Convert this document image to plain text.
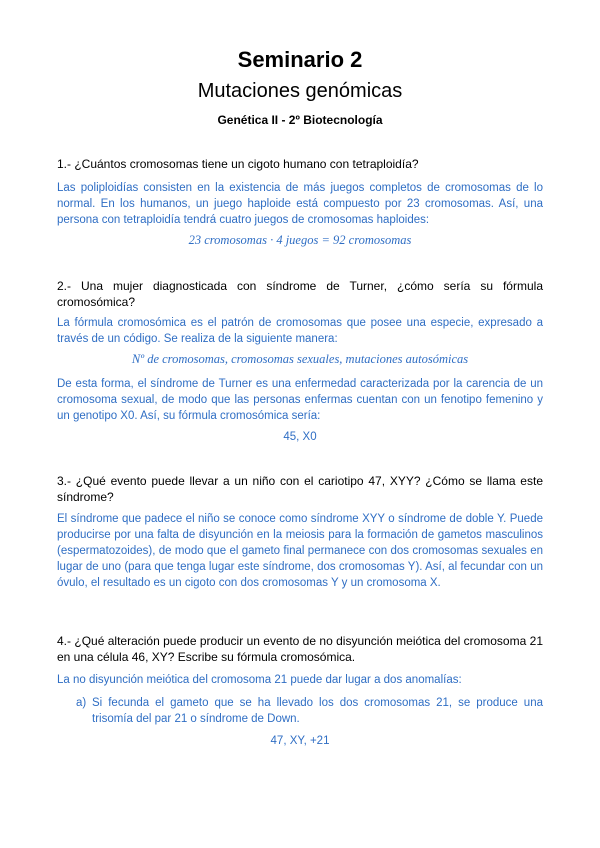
Seminario 2
Mutaciones genómicas
Genética II - 2º Biotecnología

1.- ¿Cuántos cromosomas tiene un cigoto humano con tetraploidía?

Las poliploidías consisten en la existencia de más juegos completos de cromosomas de lo normal. En los humanos, un juego haploide está compuesto por 23 cromosomas. Así, una persona con tetraploidía tendrá cuatro juegos de cromosomas haploides:

23 cromosomas · 4 juegos = 92 cromosomas

2.- Una mujer diagnosticada con síndrome de Turner, ¿cómo sería su fórmula cromosómica?

La fórmula cromosómica es el patrón de cromosomas que posee una especie, expresado a través de un código. Se realiza de la siguiente manera:

Nº de cromosomas, cromosomas sexuales, mutaciones autosómicas

De esta forma, el síndrome de Turner es una enfermedad caracterizada por la carencia de un cromosoma sexual, de modo que las personas enfermas cuentan con un fenotipo femenino y un genotipo X0. Así, su fórmula cromosómica sería:

45, X0

3.- ¿Qué evento puede llevar a un niño con el cariotipo 47, XYY? ¿Cómo se llama este síndrome?

El síndrome que padece el niño se conoce como síndrome XYY o síndrome de doble Y. Puede producirse por una falta de disyunción en la meiosis para la formación de gametos masculinos (espermatozoides), de modo que el gameto final permanece con dos cromosomas sexuales en lugar de uno (para que tenga lugar este síndrome, dos cromosomas Y). Así, al fecundar con un óvulo, el resultado es un cigoto con dos cromosomas Y y un cromosoma X.

4.- ¿Qué alteración puede producir un evento de no disyunción meiótica del cromosoma 21 en una célula 46, XY? Escribe su fórmula cromosómica.

La no disyunción meiótica del cromosoma 21 puede dar lugar a dos anomalías:

a) Si fecunda el gameto que se ha llevado los dos cromosomas 21, se produce una trisomía del par 21 o síndrome de Down.

47, XY, +21
